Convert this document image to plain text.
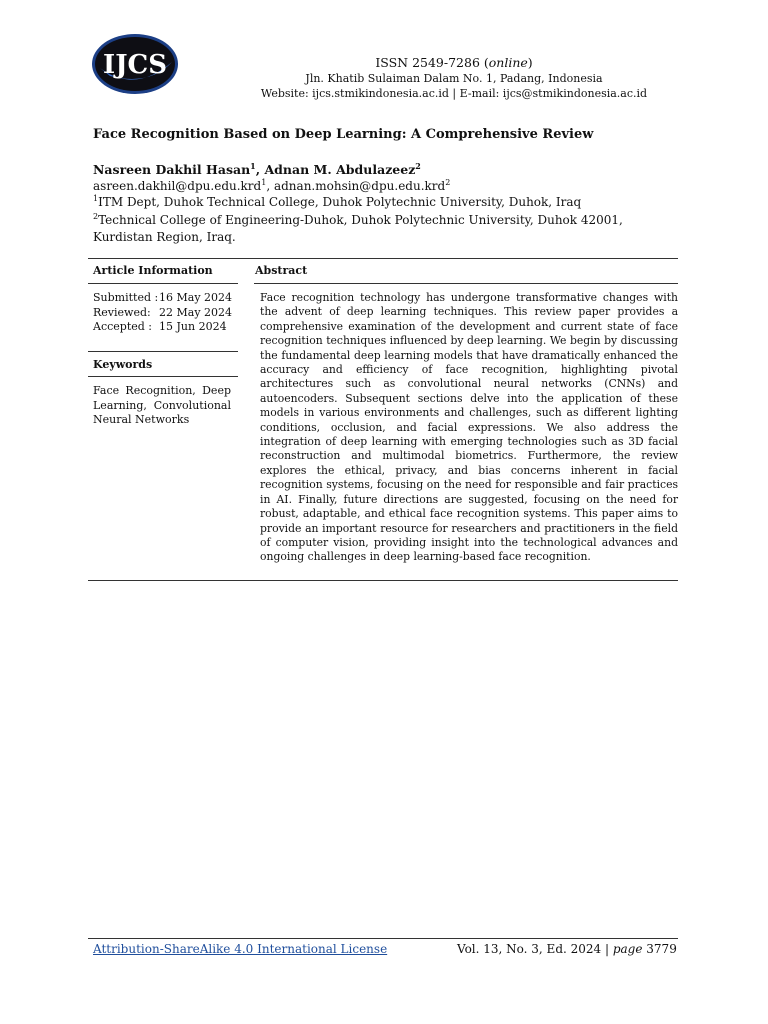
IJCS	ISSN 2549-7286 (online)
Jln. Khatib Sulaiman Dalam No. 1, Padang, Indonesia
Website: ijcs.stmikindonesia.ac.id | E-mail: ijcs@stmikindonesia.ac.id
Face Recognition Based on Deep Learning: A Comprehensive Review
Nasreen Dakhil Hasan$^1$, Adnan M. Abdulazeez$^2$
asreen.dakhil@dpu.edu.krd$^1$, adnan.mohsin@dpu.edu.krd$^2$
$^1$ITM Dept, Duhok Technical College, Duhok Polytechnic University, Duhok, Iraq
$^2$Technical College of Engineering-Duhok, Duhok Polytechnic University, Duhok 42001, Kurdistan Region, Iraq.
Article Information	Abstract
Keywords
Submitted : 16 May 2024
Reviewed: 22 May 2024
Accepted : 15 Jun 2024
Face Recognition, Deep Learning, Convolutional Neural Networks
Face recognition technology has undergone transformative changes with the advent of deep learning techniques. This review paper provides a comprehensive examination of the development and current state of face recognition techniques influenced by deep learning. We begin by discussing the fundamental deep learning models that have dramatically enhanced the accuracy and efficiency of face recognition, highlighting pivotal architectures such as convolutional neural networks (CNNs) and autoencoders. Subsequent sections delve into the application of these models in various environments and challenges, such as different lighting conditions, occlusion, and facial expressions. We also address the integration of deep learning with emerging technologies such as 3D facial reconstruction and multimodal biometrics. Furthermore, the review explores the ethical, privacy, and bias concerns inherent in facial recognition systems, focusing on the need for responsible and fair practices in AI. Finally, future directions are suggested, focusing on the need for robust, adaptable, and ethical face recognition systems. This paper aims to provide an important resource for researchers and practitioners in the field of computer vision, providing insight into the technological advances and ongoing challenges in deep learning-based face recognition.
Attribution-ShareAlike 4.0 International License	Vol. 13, No. 3, Ed. 2024 | page 3779
